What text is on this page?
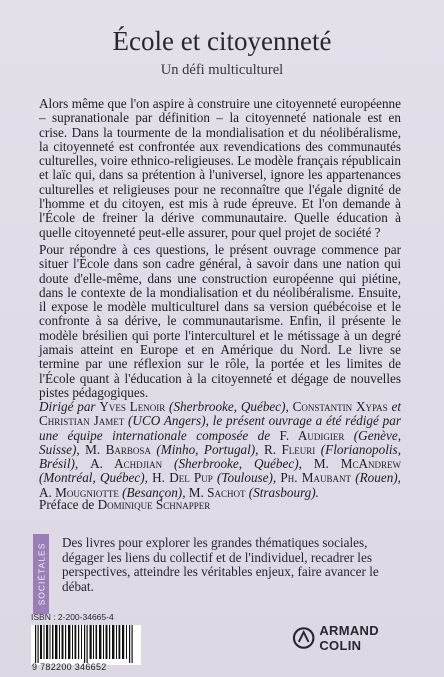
École et citoyenneté
Un défi multiculturel

Alors même que l'on aspire à construire une citoyenneté européenne – supranationale par définition – la citoyenneté nationale est en crise. Dans la tourmente de la mondialisation et du néolibéralisme, la citoyenneté est confrontée aux revendications des communautés culturelles, voire ethnico-religieuses. Le modèle français républicain et laïc qui, dans sa prétention à l'universel, ignore les appartenances culturelles et religieuses pour ne reconnaître que l'égale dignité de l'homme et du citoyen, est mis à rude épreuve. Et l'on demande à l'École de freiner la dérive communautaire. Quelle éducation à quelle citoyenneté peut-elle assurer, pour quel projet de société ?

Pour répondre à ces questions, le présent ouvrage commence par situer l'École dans son cadre général, à savoir dans une nation qui doute d'elle-même, dans une construction européenne qui piétine, dans le contexte de la mondialisation et du néolibéralisme. Ensuite, il expose le modèle multiculturel dans sa version québécoise et le confronte à sa dérive, le communautarisme. Enfin, il présente le modèle brésilien qui porte l'interculturel et le métissage à un degré jamais atteint en Europe et en Amérique du Nord. Le livre se termine par une réflexion sur le rôle, la portée et les limites de l'École quant à l'éducation à la citoyenneté et dégage de nouvelles pistes pédagogiques.

Dirigé par Yves Lenoir (Sherbrooke, Québec), Constantin Xypas et Christian Jamet (UCO Angers), le présent ouvrage a été rédigé par une équipe internationale composée de F. Audigier (Genève, Suisse), M. Barbosa (Minho, Portugal), R. Fleuri (Florianopolis, Brésil), A. Achdjian (Sherbrooke, Québec), M. McAndrew (Montréal, Québec), H. Del Pup (Toulouse), Ph. Maubant (Rouen), A. Mougniotte (Besançon), M. Sachot (Strasbourg).

Préface de Dominique Schnapper

SOCIÉTALES

Des livres pour explorer les grandes thématiques sociales, dégager les liens du collectif et de l'individuel, recadrer les perspectives, atteindre les véritables enjeux, faire avancer le débat.

ISBN : 2-200-34665-4
9 782200 346652
ARMAND COLIN
